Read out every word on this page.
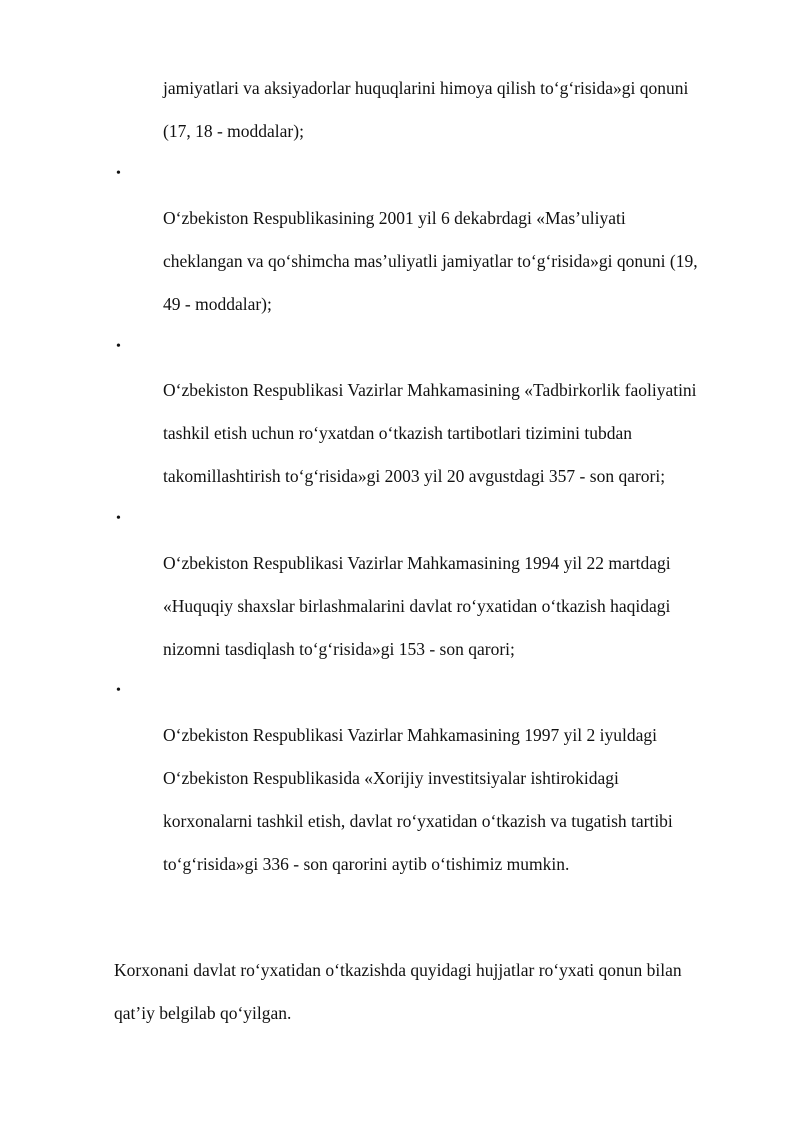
jamiyatlari va aksiyadorlar huquqlarini himoya qilish to‘g‘risida»gi qonuni
(17, 18 - moddalar);
•
O‘zbekiston Respublikasining 2001 yil 6 dekabrdagi «Mas’uliyati
cheklangan va qo‘shimcha mas’uliyatli jamiyatlar to‘g‘risida»gi qonuni (19,
49 - moddalar);
•
O‘zbekiston Respublikasi Vazirlar Mahkamasining «Tadbirkorlik faoliyatini
tashkil etish uchun ro‘yxatdan o‘tkazish tartibotlari tizimini tubdan
takomillashtirish to‘g‘risida»gi 2003 yil 20 avgustdagi 357 - son qarori;
•
O‘zbekiston Respublikasi Vazirlar Mahkamasining 1994 yil 22 martdagi
«Huquqiy shaxslar birlashmalarini davlat ro‘yxatidan o‘tkazish haqidagi
nizomni tasdiqlash to‘g‘risida»gi 153 - son qarori;
•
O‘zbekiston Respublikasi Vazirlar Mahkamasining 1997 yil 2 iyuldagi
O‘zbekiston Respublikasida «Xorijiy investitsiyalar ishtirokidagi
korxonalarni tashkil etish, davlat ro‘yxatidan o‘tkazish va tugatish tartibi
to‘g‘risida»gi 336 - son qarorini aytib o‘tishimiz mumkin.
Korxonani davlat ro‘yxatidan o‘tkazishda quyidagi hujjatlar ro‘yxati qonun bilan
qat’iy belgilab qo‘yilgan.
